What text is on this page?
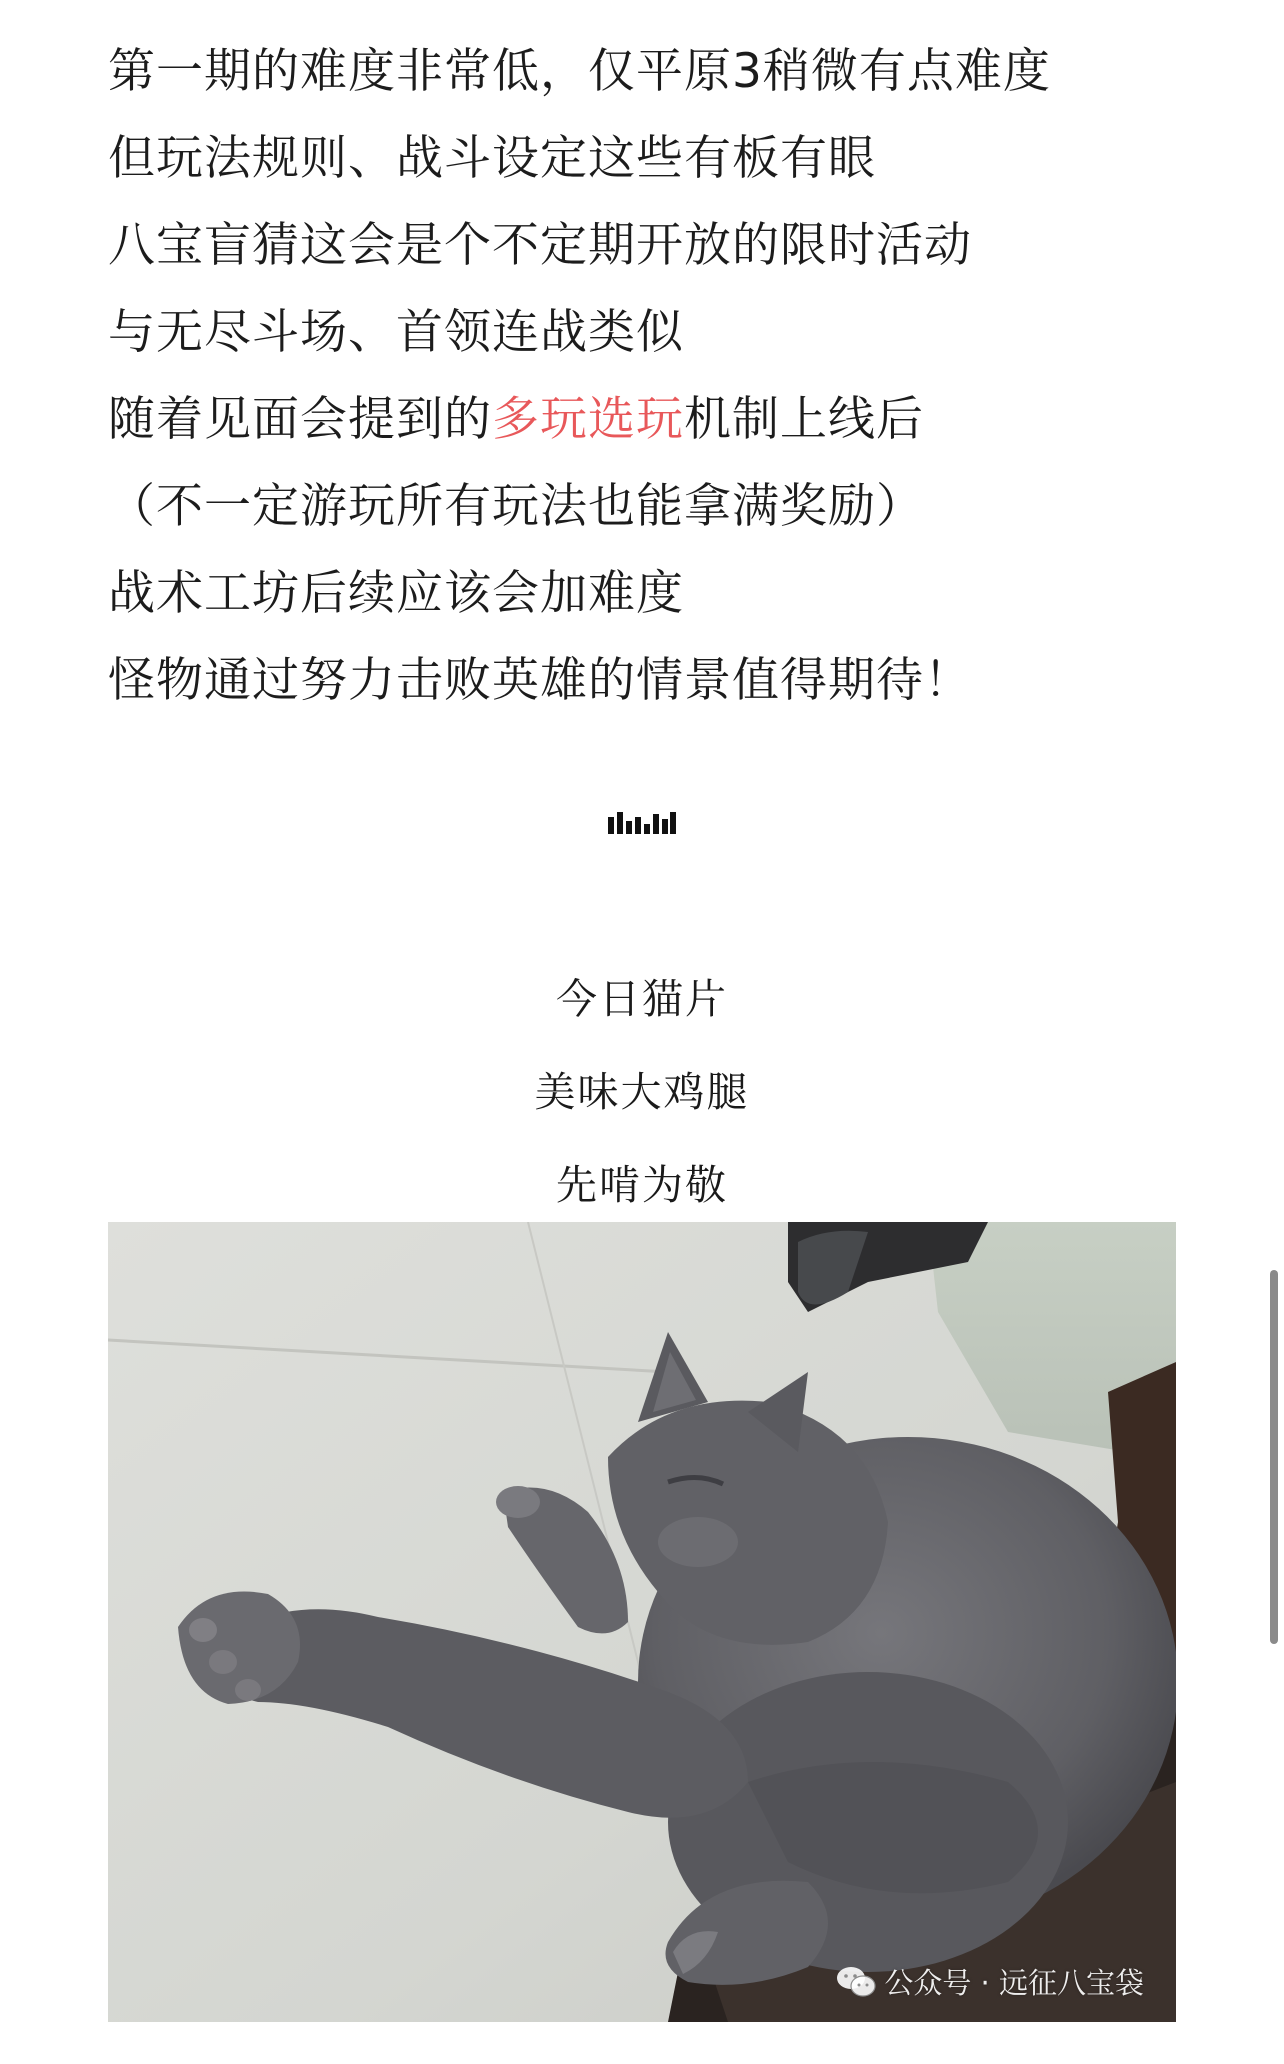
第一期的难度非常低，仅平原3稍微有点难度
但玩法规则、战斗设定这些有板有眼
八宝盲猜这会是个不定期开放的限时活动
与无尽斗场、首领连战类似
随着见面会提到的多玩选玩机制上线后
（不一定游玩所有玩法也能拿满奖励）
战术工坊后续应该会加难度
怪物通过努力击败英雄的情景值得期待！
今日猫片
美味大鸡腿
先啃为敬
公众号 · 远征八宝袋
